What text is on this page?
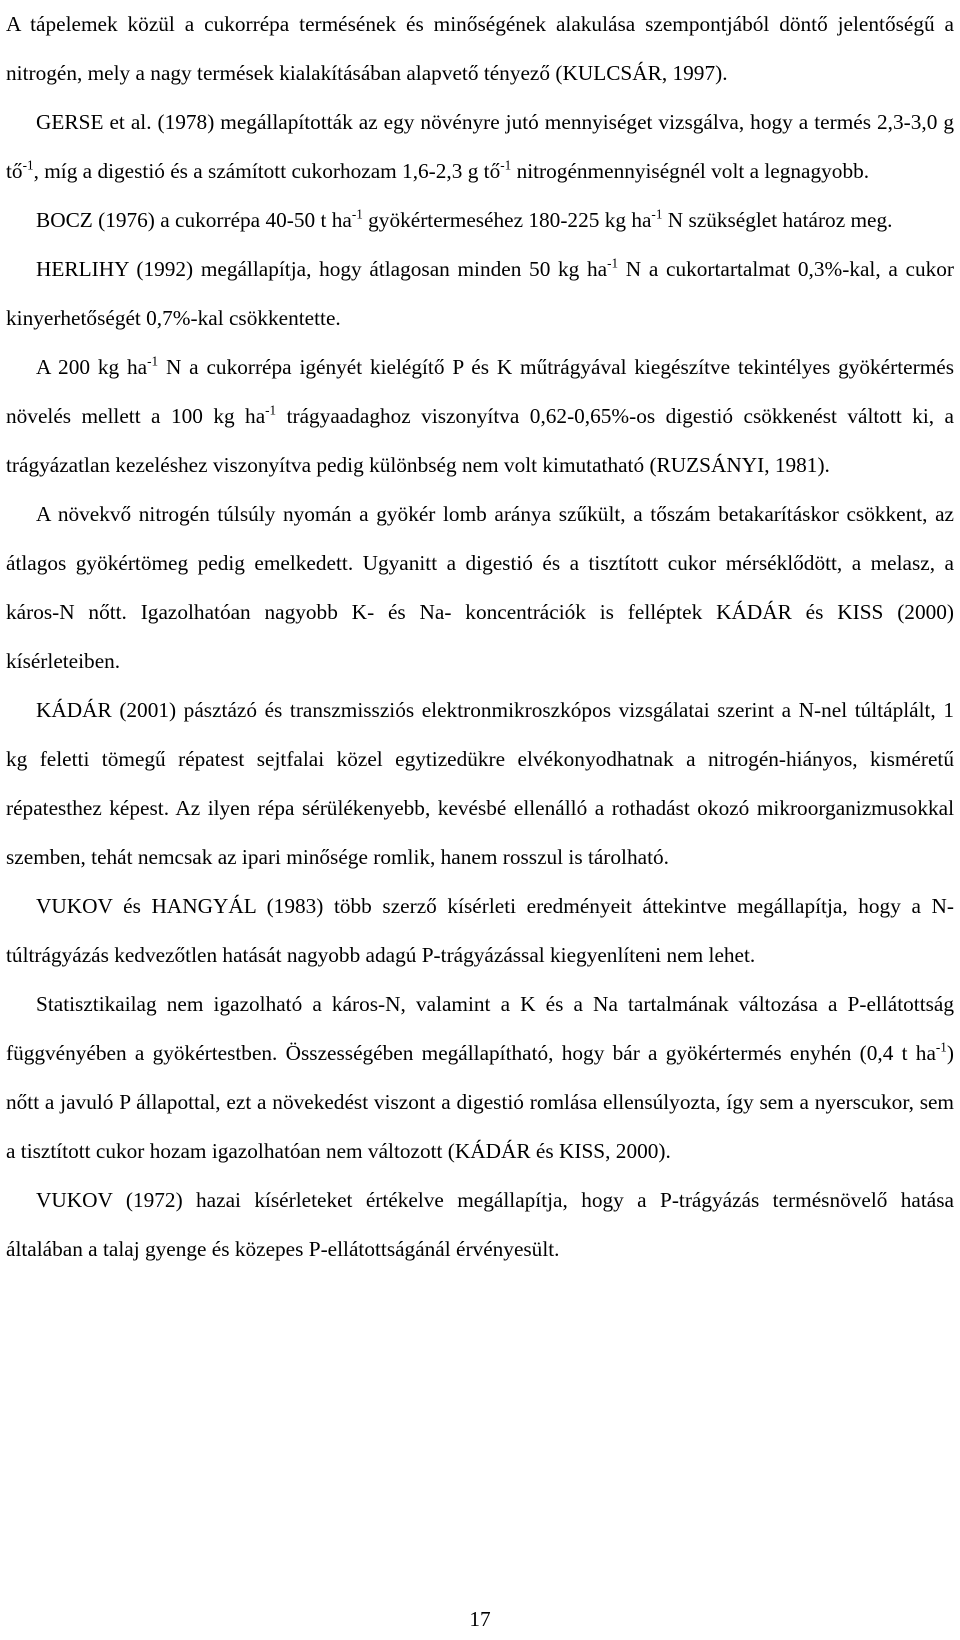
A tápelemek közül a cukorrépa termésének és minőségének alakulása szempontjából döntő jelentőségű a nitrogén, mely a nagy termések kialakításában alapvető tényező (KULCSÁR, 1997).

GERSE et al. (1978) megállapították az egy növényre jutó mennyiséget vizsgálva, hogy a termés 2,3-3,0 g $tő^{-1}$, míg a digestió és a számított cukorhozam 1,6-2,3 g $tő^{-1}$ nitrogénmennyiségnél volt a legnagyobb.

BOCZ (1976) a cukorrépa 40-50 t $ha^{-1}$ gyökértermeséhez 180-225 kg $ha^{-1}$ N szükséglet határoz meg.

HERLIHY (1992) megállapítja, hogy átlagosan minden 50 kg $ha^{-1}$ N a cukortartalmat 0,3%-kal, a cukor kinyerhetőségét 0,7%-kal csökkentette.

A 200 kg $ha^{-1}$ N a cukorrépa igényét kielégítő P és K műtrágyával kiegészítve tekintélyes gyökértermés növelés mellett a 100 kg $ha^{-1}$ trágyaadaghoz viszonyítva 0,62-0,65%-os digestió csökkenést váltott ki, a trágyázatlan kezeléshez viszonyítva pedig különbség nem volt kimutatható (RUZSÁNYI, 1981).

A növekvő nitrogén túlsúly nyomán a gyökér lomb aránya szűkült, a tőszám betakarításkor csökkent, az átlagos gyökértömeg pedig emelkedett. Ugyanitt a digestió és a tisztított cukor mérséklődött, a melasz, a káros-N nőtt. Igazolhatóan nagyobb K- és Na- koncentrációk is felléptek KÁDÁR és KISS (2000) kísérleteiben.

KÁDÁR (2001) pásztázó és transzmissziós elektronmikroszkópos vizsgálatai szerint a N-nel túltáplált, 1 kg feletti tömegű répatest sejtfalai közel egytizedükre elvékonyodhatnak a nitrogén-hiányos, kisméretű répatesthez képest. Az ilyen répa sérülékenyebb, kevésbé ellenálló a rothadást okozó mikroorganizmusokkal szemben, tehát nemcsak az ipari minősége romlik, hanem rosszul is tárolható.

VUKOV és HANGYÁL (1983) több szerző kísérleti eredményeit áttekintve megállapítja, hogy a N-túltrágyázás kedvezőtlen hatását nagyobb adagú P-trágyázással kiegyenlíteni nem lehet.

Statisztikailag nem igazolható a káros-N, valamint a K és a Na tartalmának változása a P-ellátottság függvényében a gyökértestben. Összességében megállapítható, hogy bár a gyökértermés enyhén (0,4 t $ha^{-1}$) nőtt a javuló P állapottal, ezt a növekedést viszont a digestió romlása ellensúlyozta, így sem a nyerscukor, sem a tisztított cukor hozam igazolhatóan nem változott (KÁDÁR és KISS, 2000).

VUKOV (1972) hazai kísérleteket értékelve megállapítja, hogy a P-trágyázás termésnövelő hatása általában a talaj gyenge és közepes P-ellátottságánál érvényesült.

17
